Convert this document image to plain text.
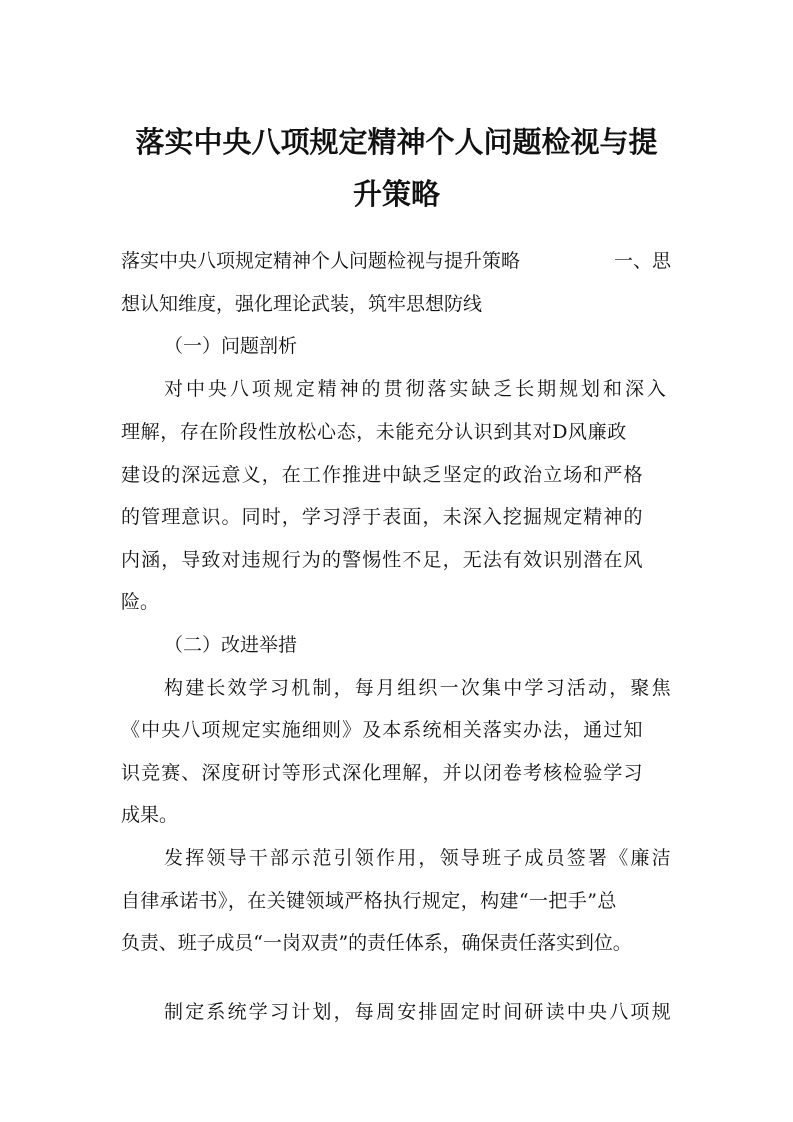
落实中央八项规定精神个人问题检视与提
升策略
落实中央八项规定精神个人问题检视与提升策略	一、思
想认知维度，强化理论武装，筑牢思想防线
（一）问题剖析
对中央八项规定精神的贯彻落实缺乏长期规划和深入
理解，存在阶段性放松心态，未能充分认识到其对D风廉政
建设的深远意义，在工作推进中缺乏坚定的政治立场和严格
的管理意识。同时，学习浮于表面，未深入挖掘规定精神的
内涵，导致对违规行为的警惕性不足，无法有效识别潜在风
险。
（二）改进举措
构建长效学习机制，每月组织一次集中学习活动，聚焦
《中央八项规定实施细则》及本系统相关落实办法，通过知
识竞赛、深度研讨等形式深化理解，并以闭卷考核检验学习
成果。
发挥领导干部示范引领作用，领导班子成员签署《廉洁
自律承诺书》，在关键领域严格执行规定，构建“一把手”总
负责、班子成员“一岗双责”的责任体系，确保责任落实到位。
制定系统学习计划，每周安排固定时间研读中央八项规
